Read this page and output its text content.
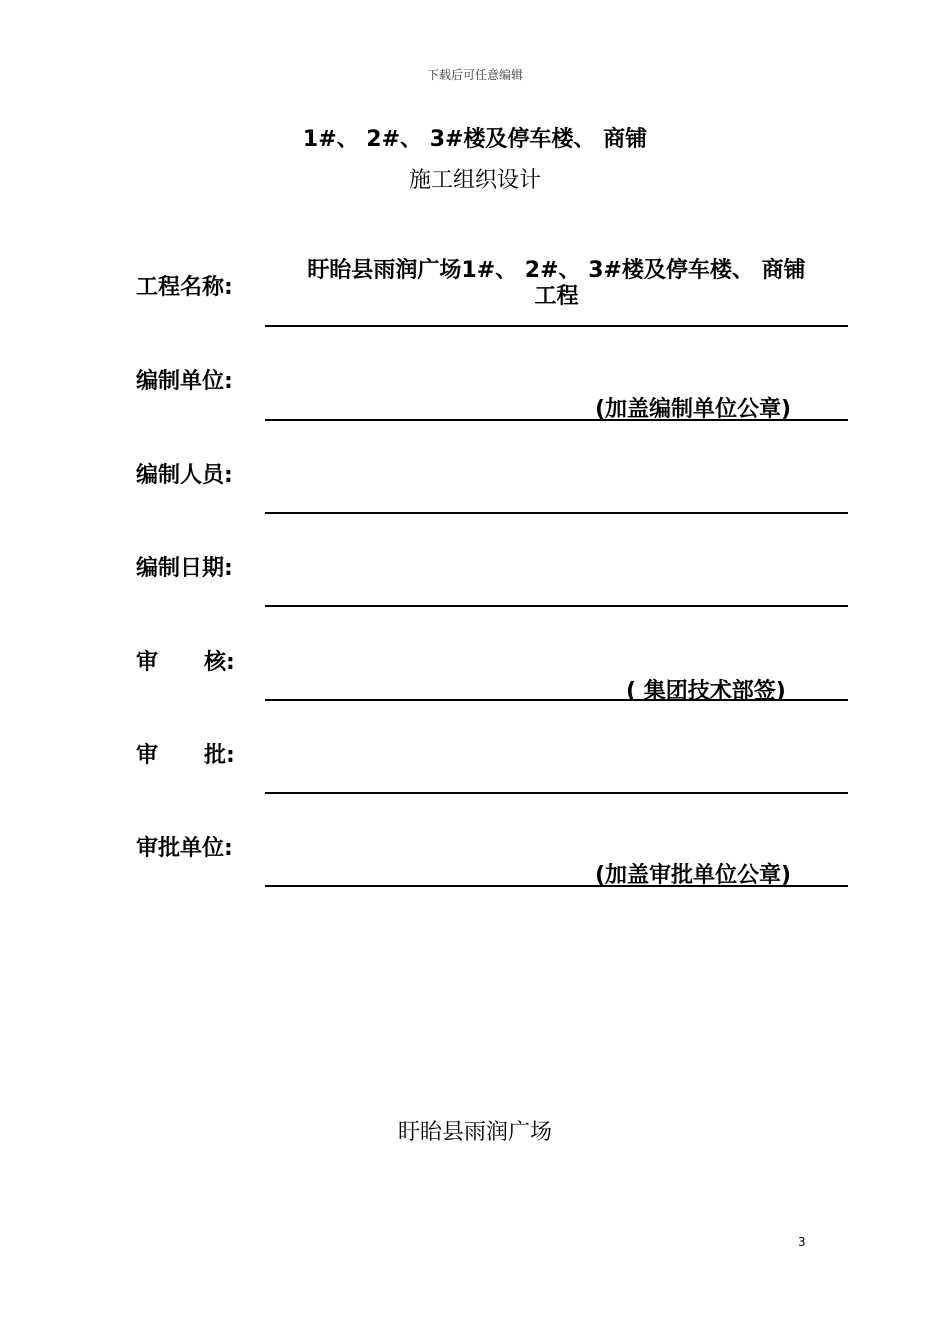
下载后可任意编辑
1#、 2#、 3#楼及停车楼、 商铺
施工组织设计
工程名称:
盱眙县雨润广场1#、 2#、 3#楼及停车楼、 商铺
工程
编制单位:
(加盖编制单位公章)
编制人员:
编制日期:
审      核:
( 集团技术部签)
审      批:
审批单位:
(加盖审批单位公章)
盱眙县雨润广场
3
